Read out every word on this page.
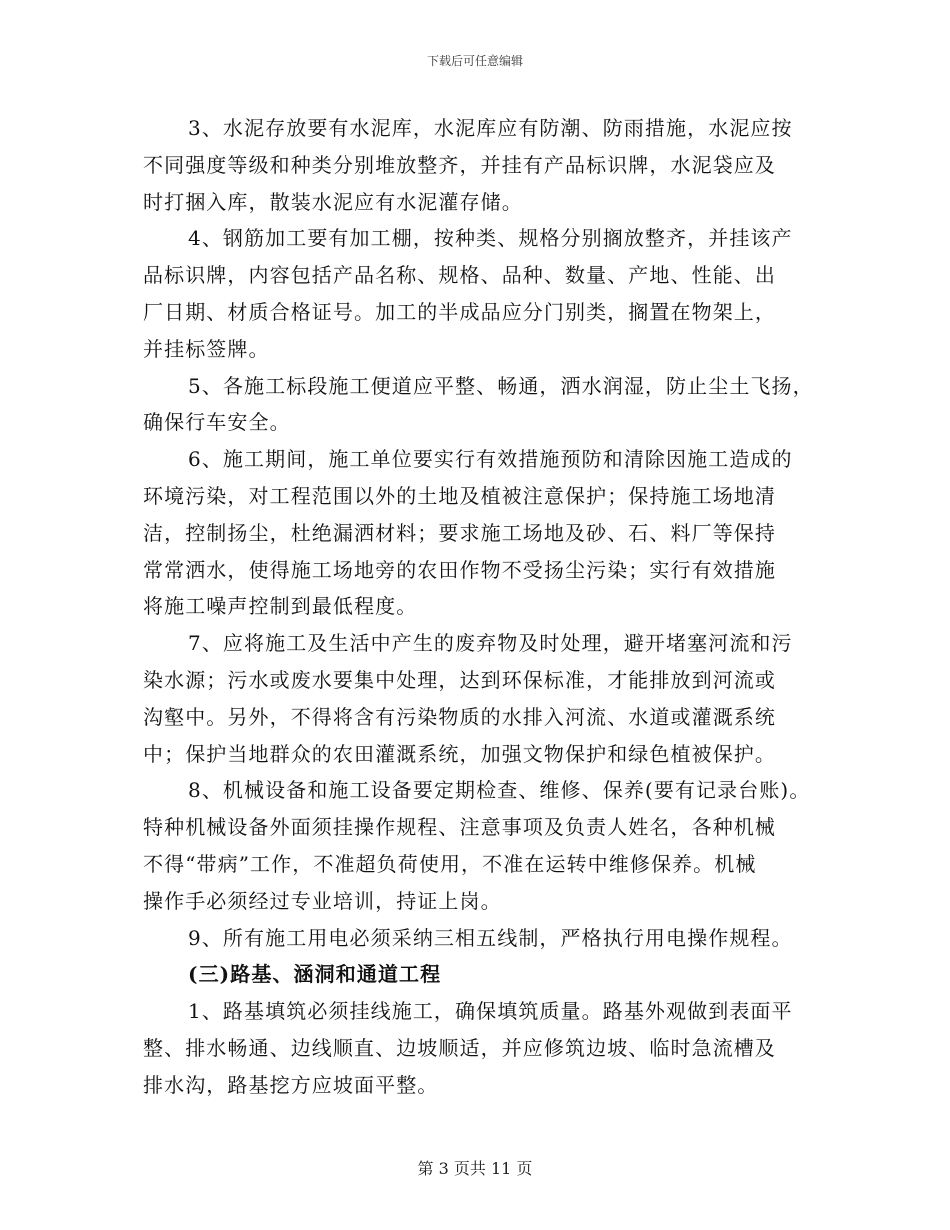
下载后可任意编辑
3、水泥存放要有水泥库，水泥库应有防潮、防雨措施，水泥应按
不同强度等级和种类分别堆放整齐，并挂有产品标识牌，水泥袋应及
时打捆入库，散装水泥应有水泥灌存储。
4、钢筋加工要有加工棚，按种类、规格分别搁放整齐，并挂该产
品标识牌，内容包括产品名称、规格、品种、数量、产地、性能、出
厂日期、材质合格证号。加工的半成品应分门别类，搁置在物架上，
并挂标签牌。
5、各施工标段施工便道应平整、畅通，洒水润湿，防止尘土飞扬，
确保行车安全。
6、施工期间，施工单位要实行有效措施预防和清除因施工造成的
环境污染，对工程范围以外的土地及植被注意保护；保持施工场地清
洁，控制扬尘，杜绝漏洒材料；要求施工场地及砂、石、料厂等保持
常常洒水，使得施工场地旁的农田作物不受扬尘污染；实行有效措施
将施工噪声控制到最低程度。
7、应将施工及生活中产生的废弃物及时处理，避开堵塞河流和污
染水源；污水或废水要集中处理，达到环保标准，才能排放到河流或
沟壑中。另外，不得将含有污染物质的水排入河流、水道或灌溉系统
中；保护当地群众的农田灌溉系统，加强文物保护和绿色植被保护。
8、机械设备和施工设备要定期检查、维修、保养(要有记录台账)。
特种机械设备外面须挂操作规程、注意事项及负责人姓名，各种机械
不得“带病”工作，不准超负荷使用，不准在运转中维修保养。机械
操作手必须经过专业培训，持证上岗。
9、所有施工用电必须采纳三相五线制，严格执行用电操作规程。
(三)路基、涵洞和通道工程
1、路基填筑必须挂线施工，确保填筑质量。路基外观做到表面平
整、排水畅通、边线顺直、边坡顺适，并应修筑边坡、临时急流槽及
排水沟，路基挖方应坡面平整。
第 3 页共 11 页
